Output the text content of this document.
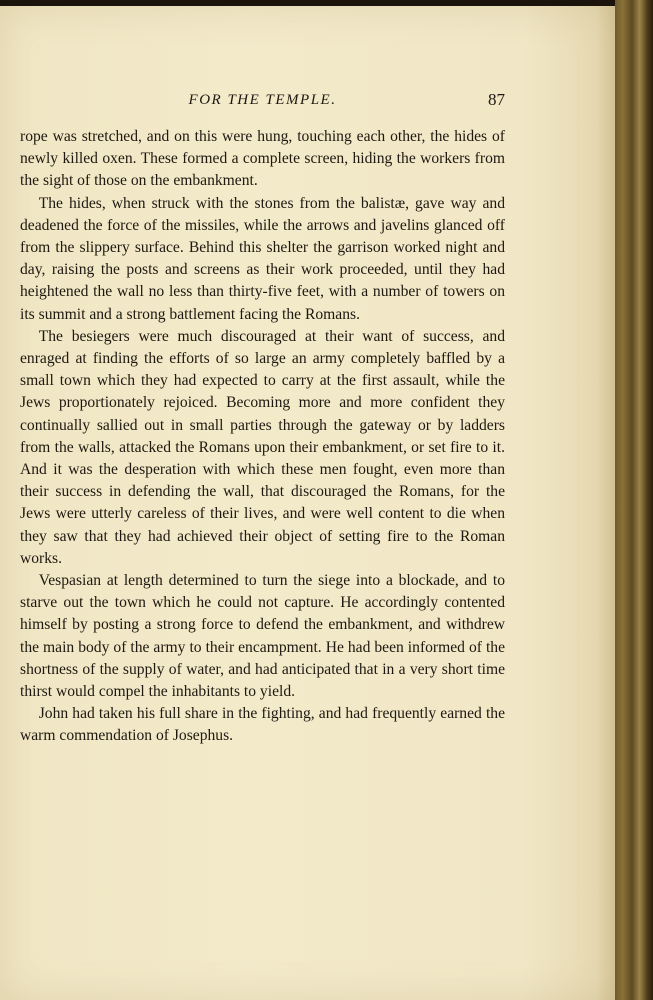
FOR THE TEMPLE.	87

rope was stretched, and on this were hung, touching each other, the hides of newly killed oxen. These formed a complete screen, hiding the workers from the sight of those on the embankment.

The hides, when struck with the stones from the balistæ, gave way and deadened the force of the missiles, while the arrows and javelins glanced off from the slippery surface. Behind this shelter the garrison worked night and day, raising the posts and screens as their work proceeded, until they had heightened the wall no less than thirty-five feet, with a number of towers on its summit and a strong battlement facing the Romans.

The besiegers were much discouraged at their want of success, and enraged at finding the efforts of so large an army completely baffled by a small town which they had expected to carry at the first assault, while the Jews proportionately rejoiced. Becoming more and more confident they continually sallied out in small parties through the gateway or by ladders from the walls, attacked the Romans upon their embankment, or set fire to it. And it was the desperation with which these men fought, even more than their success in defending the wall, that discouraged the Romans, for the Jews were utterly careless of their lives, and were well content to die when they saw that they had achieved their object of setting fire to the Roman works.

Vespasian at length determined to turn the siege into a blockade, and to starve out the town which he could not capture. He accordingly contented himself by posting a strong force to defend the embankment, and withdrew the main body of the army to their encampment. He had been informed of the shortness of the supply of water, and had anticipated that in a very short time thirst would compel the inhabitants to yield.

John had taken his full share in the fighting, and had frequently earned the warm commendation of Josephus.
